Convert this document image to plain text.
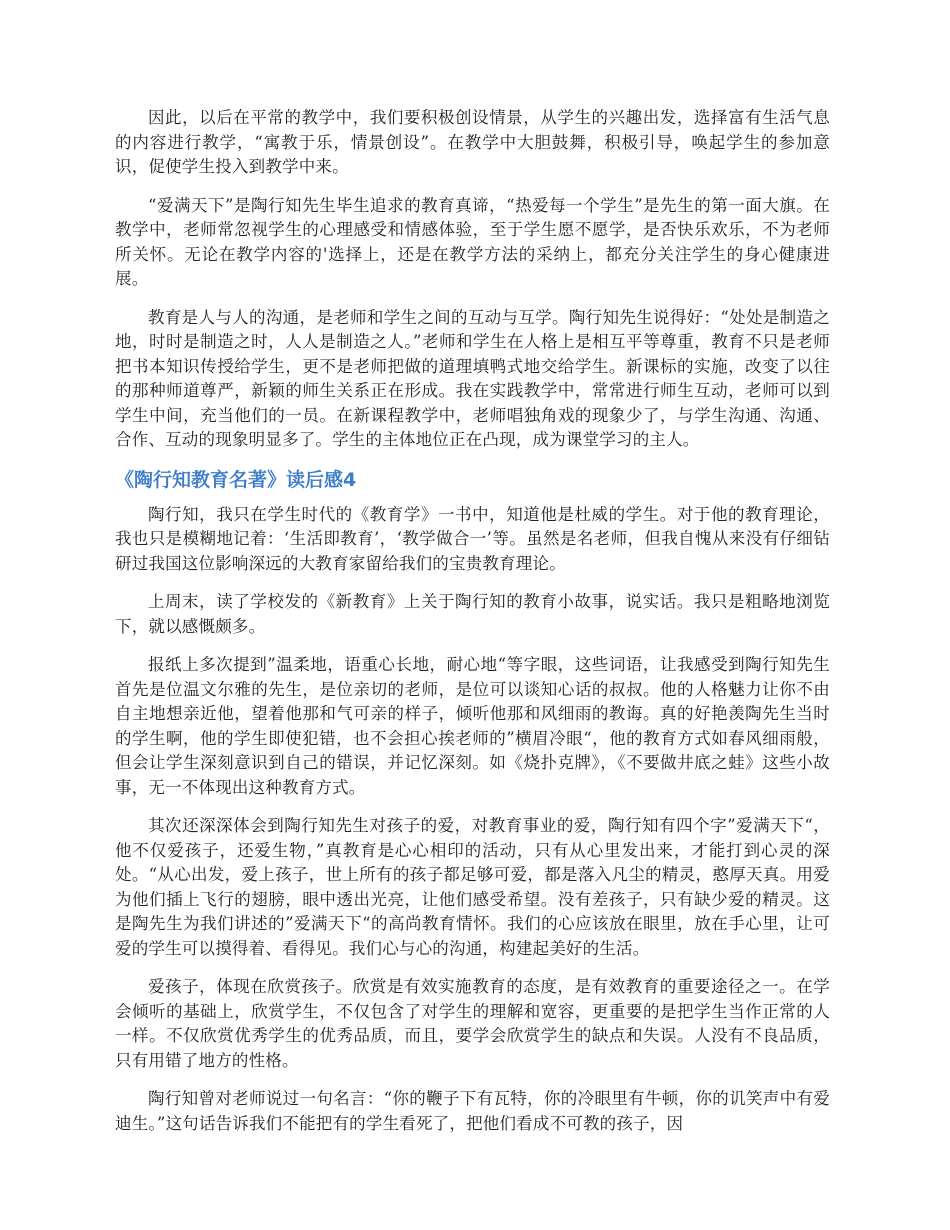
因此，以后在平常的教学中，我们要积极创设情景，从学生的兴趣出发，选择富有生活气息的内容进行教学，“寓教于乐，情景创设”。在教学中大胆鼓舞，积极引导，唤起学生的参加意识，促使学生投入到教学中来。

“爱满天下”是陶行知先生毕生追求的教育真谛，“热爱每一个学生”是先生的第一面大旗。在教学中，老师常忽视学生的心理感受和情感体验，至于学生愿不愿学，是否快乐欢乐，不为老师所关怀。无论在教学内容的'选择上，还是在教学方法的采纳上，都充分关注学生的身心健康进展。

教育是人与人的沟通，是老师和学生之间的互动与互学。陶行知先生说得好：“处处是制造之地，时时是制造之时，人人是制造之人。”老师和学生在人格上是相互平等尊重，教育不只是老师把书本知识传授给学生，更不是老师把做的道理填鸭式地交给学生。新课标的实施，改变了以往的那种师道尊严，新颖的师生关系正在形成。我在实践教学中，常常进行师生互动，老师可以到学生中间，充当他们的一员。在新课程教学中，老师唱独角戏的现象少了，与学生沟通、沟通、合作、互动的现象明显多了。学生的主体地位正在凸现，成为课堂学习的主人。

《陶行知教育名著》读后感4

陶行知，我只在学生时代的《教育学》一书中，知道他是杜威的学生。对于他的教育理论，我也只是模糊地记着：‘生活即教育’，‘教学做合一’等。虽然是名老师，但我自愧从来没有仔细钻研过我国这位影响深远的大教育家留给我们的宝贵教育理论。

上周末，读了学校发的《新教育》上关于陶行知的教育小故事，说实话。我只是粗略地浏览下，就以感慨颇多。

报纸上多次提到”温柔地，语重心长地，耐心地“等字眼，这些词语，让我感受到陶行知先生首先是位温文尔雅的先生，是位亲切的老师，是位可以谈知心话的叔叔。他的人格魅力让你不由自主地想亲近他，望着他那和气可亲的样子，倾听他那和风细雨的教诲。真的好艳羡陶先生当时的学生啊，他的学生即使犯错，也不会担心挨老师的”横眉冷眼“，他的教育方式如春风细雨般，但会让学生深刻意识到自己的错误，并记忆深刻。如《烧扑克牌》，《不要做井底之蛙》这些小故事，无一不体现出这种教育方式。

其次还深深体会到陶行知先生对孩子的爱，对教育事业的爱，陶行知有四个字”爱满天下“，他不仅爱孩子，还爱生物，”真教育是心心相印的活动，只有从心里发出来，才能打到心灵的深处。“从心出发，爱上孩子，世上所有的孩子都足够可爱，都是落入凡尘的精灵，憨厚天真。用爱为他们插上飞行的翅膀，眼中透出光亮，让他们感受希望。没有差孩子，只有缺少爱的精灵。这是陶先生为我们讲述的”爱满天下“的高尚教育情怀。我们的心应该放在眼里，放在手心里，让可爱的学生可以摸得着、看得见。我们心与心的沟通，构建起美好的生活。

爱孩子，体现在欣赏孩子。欣赏是有效实施教育的态度，是有效教育的重要途径之一。在学会倾听的基础上，欣赏学生，不仅包含了对学生的理解和宽容，更重要的是把学生当作正常的人一样。不仅欣赏优秀学生的优秀品质，而且，要学会欣赏学生的缺点和失误。人没有不良品质，只有用错了地方的性格。

陶行知曾对老师说过一句名言：“你的鞭子下有瓦特，你的冷眼里有牛顿，你的讥笑声中有爱迪生。”这句话告诉我们不能把有的学生看死了，把他们看成不可教的孩子，因
